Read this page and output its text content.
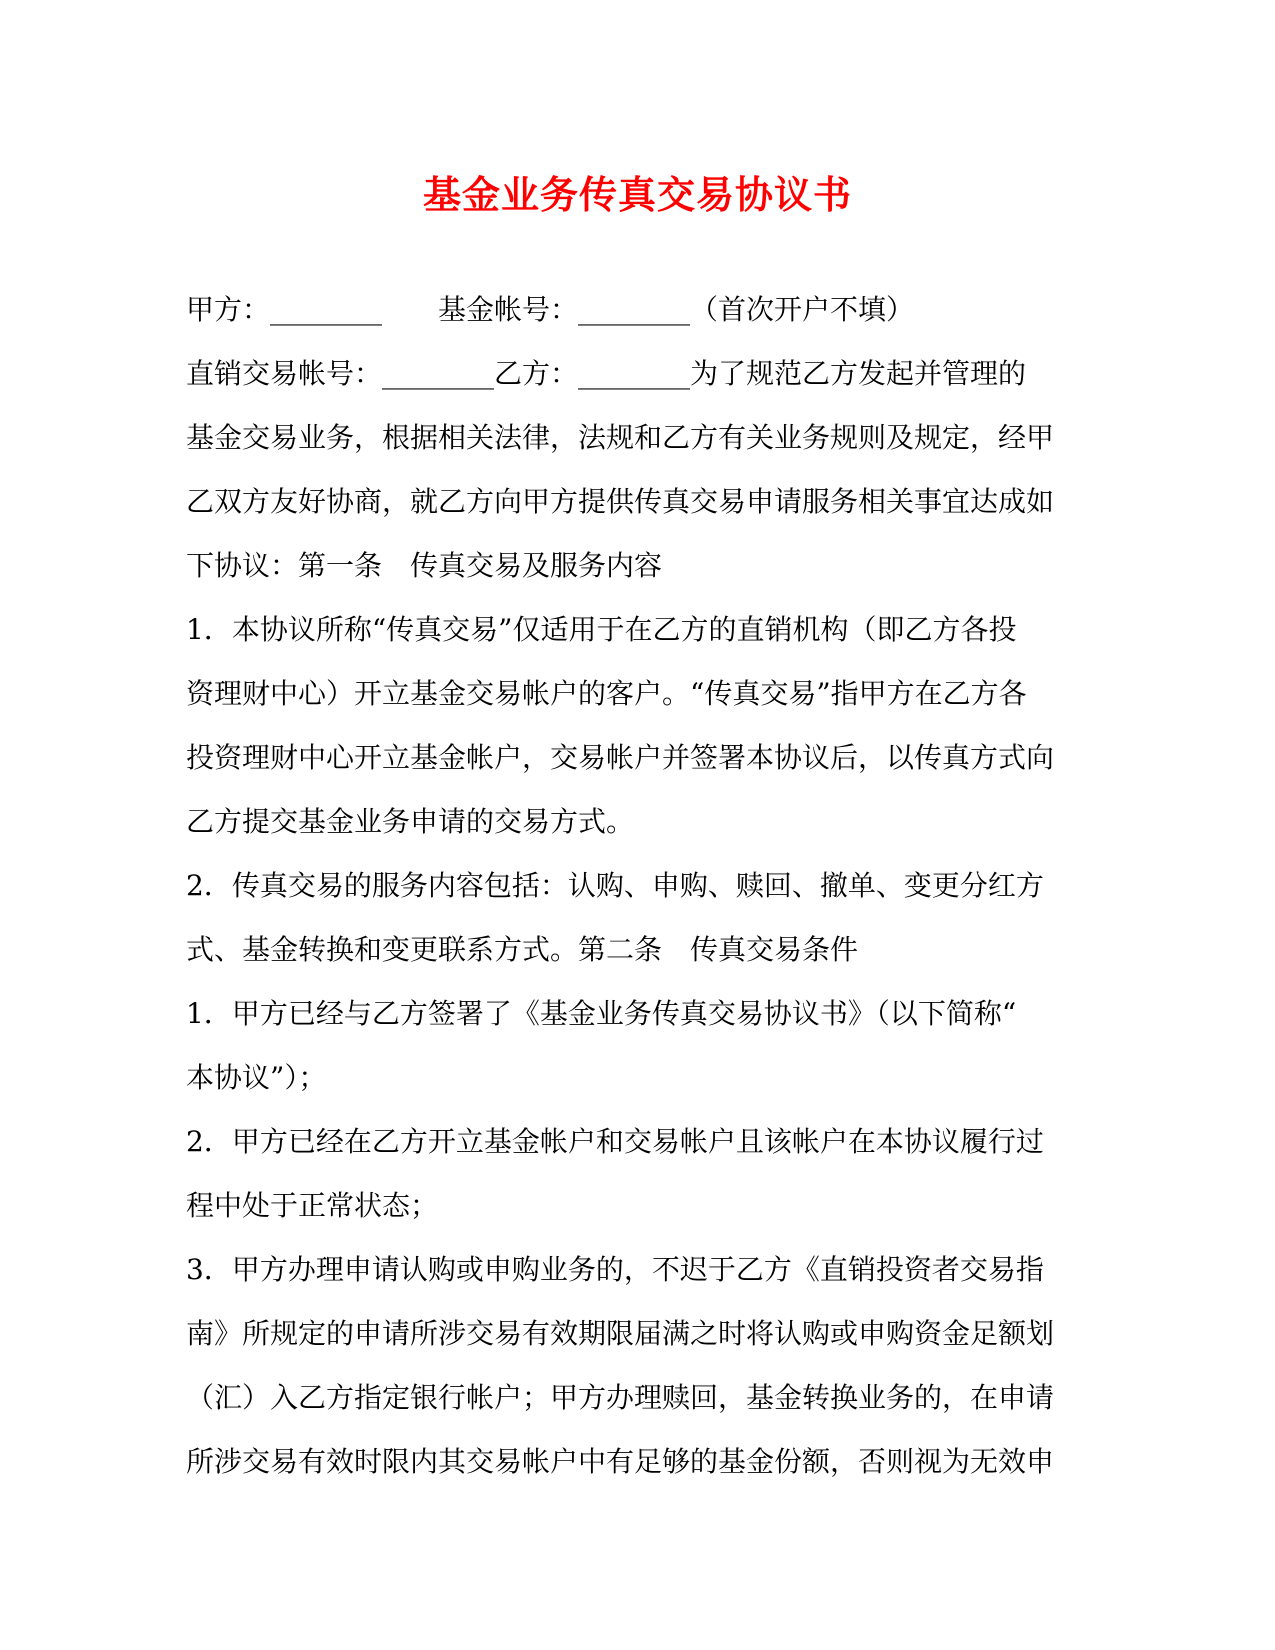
基金业务传真交易协议书
甲方：________　　基金帐号：________（首次开户不填）
直销交易帐号：________乙方：________为了规范乙方发起并管理的
基金交易业务，根据相关法律，法规和乙方有关业务规则及规定，经甲
乙双方友好协商，就乙方向甲方提供传真交易申请服务相关事宜达成如
下协议：第一条　传真交易及服务内容
1．本协议所称“传真交易”仅适用于在乙方的直销机构（即乙方各投
资理财中心）开立基金交易帐户的客户。“传真交易”指甲方在乙方各
投资理财中心开立基金帐户，交易帐户并签署本协议后，以传真方式向
乙方提交基金业务申请的交易方式。
2．传真交易的服务内容包括：认购、申购、赎回、撤单、变更分红方
式、基金转换和变更联系方式。第二条　传真交易条件
1．甲方已经与乙方签署了《基金业务传真交易协议书》（以下简称“
本协议”）；
2．甲方已经在乙方开立基金帐户和交易帐户且该帐户在本协议履行过
程中处于正常状态；
3．甲方办理申请认购或申购业务的，不迟于乙方《直销投资者交易指
南》所规定的申请所涉交易有效期限届满之时将认购或申购资金足额划
（汇）入乙方指定银行帐户；甲方办理赎回，基金转换业务的，在申请
所涉交易有效时限内其交易帐户中有足够的基金份额，否则视为无效申
